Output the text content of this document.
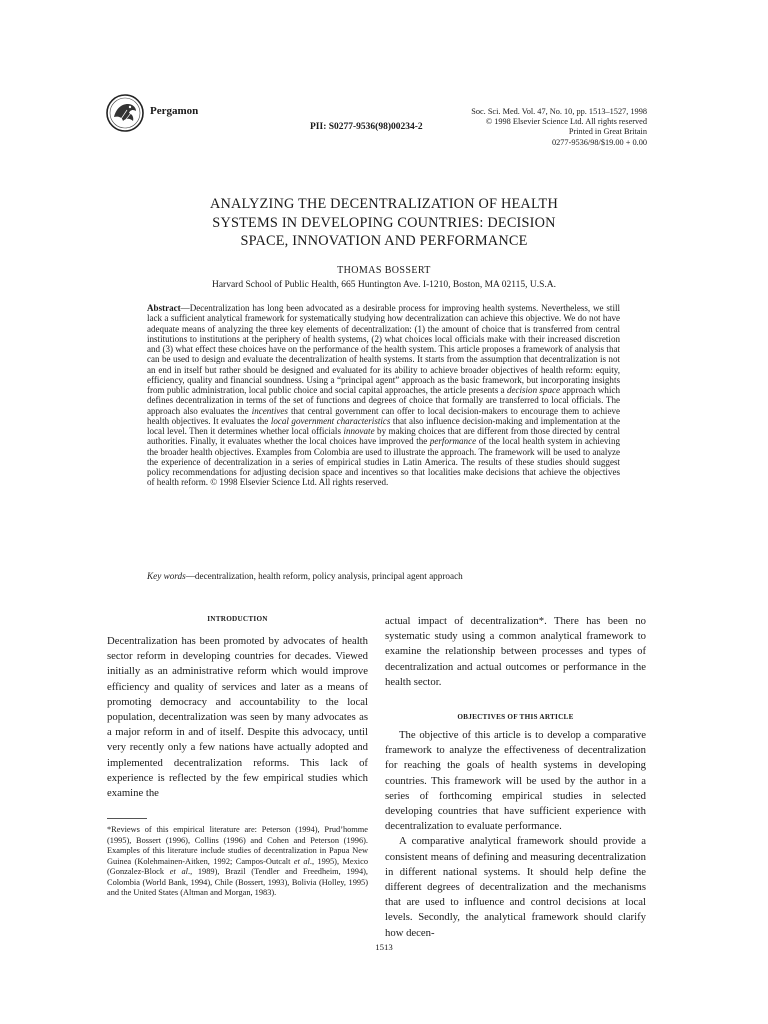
Pergamon
PII: S0277-9536(98)00234-2
Soc. Sci. Med. Vol. 47, No. 10, pp. 1513–1527, 1998
© 1998 Elsevier Science Ltd. All rights reserved
Printed in Great Britain
0277-9536/98/$19.00 + 0.00
ANALYZING THE DECENTRALIZATION OF HEALTH
SYSTEMS IN DEVELOPING COUNTRIES: DECISION
SPACE, INNOVATION AND PERFORMANCE
THOMAS BOSSERT
Harvard School of Public Health, 665 Huntington Ave. I-1210, Boston, MA 02115, U.S.A.

Abstract—Decentralization has long been advocated as a desirable process for improving health systems. Nevertheless, we still lack a sufficient analytical framework for systematically studying how decentralization can achieve this objective. We do not have adequate means of analyzing the three key elements of decentralization: (1) the amount of choice that is transferred from central institutions to institutions at the periphery of health systems, (2) what choices local officials make with their increased discretion and (3) what effect these choices have on the performance of the health system. This article proposes a framework of analysis that can be used to design and evaluate the decentralization of health systems. It starts from the assumption that decentralization is not an end in itself but rather should be designed and evaluated for its ability to achieve broader objectives of health reform: equity, efficiency, quality and financial soundness. Using a “principal agent” approach as the basic framework, but incorporating insights from public administration, local public choice and social capital approaches, the article presents a decision space approach which defines decentralization in terms of the set of functions and degrees of choice that formally are transferred to local officials. The approach also evaluates the incentives that central government can offer to local decision-makers to encourage them to achieve health objectives. It evaluates the local government characteristics that also influence decision-making and implementation at the local level. Then it determines whether local officials innovate by making choices that are different from those directed by central authorities. Finally, it evaluates whether the local choices have improved the performance of the local health system in achieving the broader health objectives. Examples from Colombia are used to illustrate the approach. The framework will be used to analyze the experience of decentralization in a series of empirical studies in Latin America. The results of these studies should suggest policy recommendations for adjusting decision space and incentives so that localities make decisions that achieve the objectives of health reform. © 1998 Elsevier Science Ltd. All rights reserved.

Key words—decentralization, health reform, policy analysis, principal agent approach
INTRODUCTION

Decentralization has been promoted by advocates of health sector reform in developing countries for decades. Viewed initially as an administrative reform which would improve efficiency and quality of services and later as a means of promoting democracy and accountability to the local population, decentralization was seen by many advocates as a major reform in and of itself. Despite this advocacy, until very recently only a few nations have actually adopted and implemented decentralization reforms. This lack of experience is reflected by the few empirical studies which examine the

actual impact of decentralization*. There has been no systematic study using a common analytical framework to examine the relationship between processes and types of decentralization and actual outcomes or performance in the health sector.

OBJECTIVES OF THIS ARTICLE

The objective of this article is to develop a comparative framework to analyze the effectiveness of decentralization for reaching the goals of health systems in developing countries. This framework will be used by the author in a series of forthcoming empirical studies in selected developing countries that have sufficient experience with decentralization to evaluate performance.

A comparative analytical framework should provide a consistent means of defining and measuring decentralization in different national systems. It should help define the different degrees of decentralization and the mechanisms that are used to influence and control decisions at local levels. Secondly, the analytical framework should clarify how decen-

*Reviews of this empirical literature are: Peterson (1994), Prud’homme (1995), Bossert (1996), Collins (1996) and Cohen and Peterson (1996). Examples of this literature include studies of decentralization in Papua New Guinea (Kolehmainen-Aitken, 1992; Campos-Outcalt et al., 1995), Mexico (Gonzalez-Block et al., 1989), Brazil (Tendler and Freedheim, 1994), Colombia (World Bank, 1994), Chile (Bossert, 1993), Bolivia (Holley, 1995) and the United States (Altman and Morgan, 1983).
1513
